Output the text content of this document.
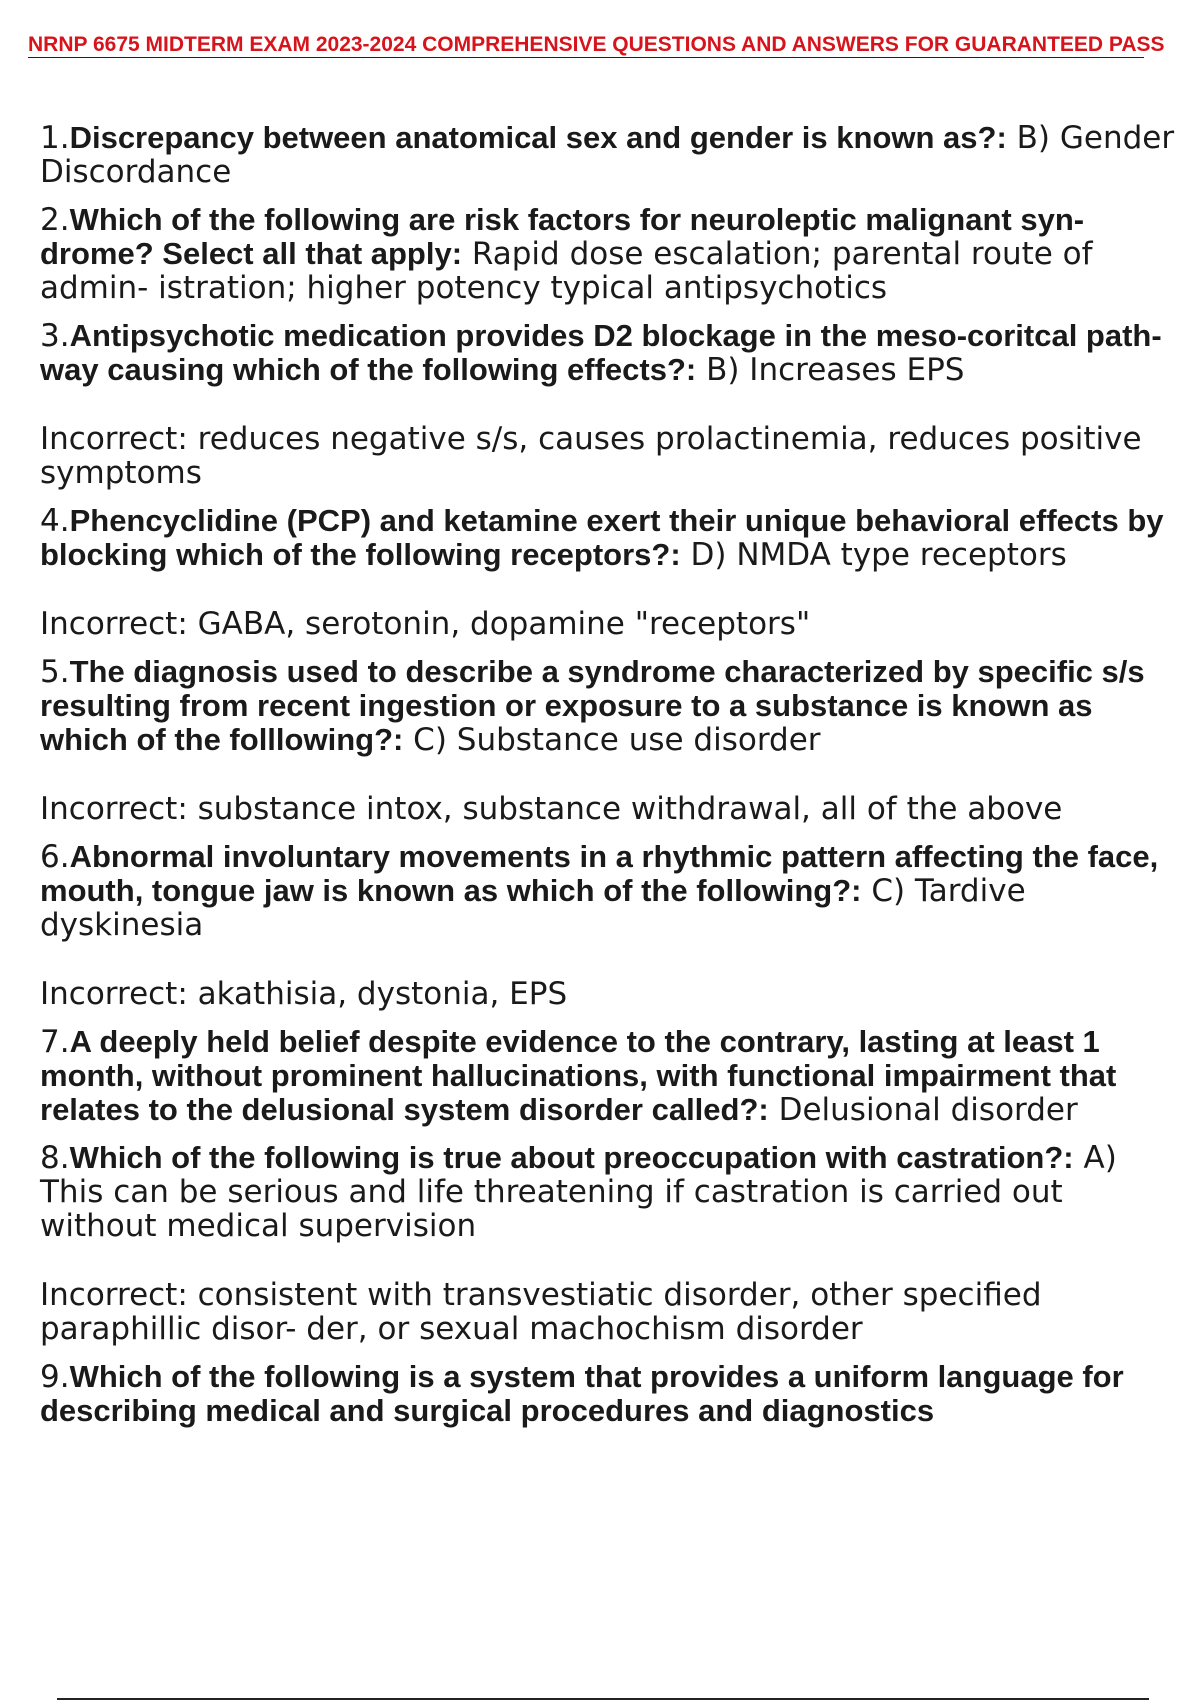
NRNP 6675 MIDTERM EXAM 2023-2024 COMPREHENSIVE QUESTIONS AND ANSWERS FOR GUARANTEED PASS
1.Discrepancy between anatomical sex and gender is known as?: B) Gender Discordance
2.Which of the following are risk factors for neuroleptic malignant syn- drome? Select all that apply: Rapid dose escalation; parental route of admin- istration; higher potency typical antipsychotics
3.Antipsychotic medication provides D2 blockage in the meso-coritcal path- way causing which of the following effects?: B) Increases EPS
Incorrect: reduces negative s/s, causes prolactinemia, reduces positive symptoms
4.Phencyclidine (PCP) and ketamine exert their unique behavioral effects by blocking which of the following receptors?: D) NMDA type receptors
Incorrect: GABA, serotonin, dopamine "receptors"
5.The diagnosis used to describe a syndrome characterized by specific s/s resulting from recent ingestion or exposure to a substance is known as which of the folllowing?: C) Substance use disorder
Incorrect: substance intox, substance withdrawal, all of the above
6.Abnormal involuntary movements in a rhythmic pattern affecting the face, mouth, tongue jaw is known as which of the following?: C) Tardive dyskinesia
Incorrect: akathisia, dystonia, EPS
7.A deeply held belief despite evidence to the contrary, lasting at least 1 month, without prominent hallucinations, with functional impairment that relates to the delusional system disorder called?: Delusional disorder
8.Which of the following is true about preoccupation with castration?: A) This can be serious and life threatening if castration is carried out without medical supervision
Incorrect: consistent with transvestiatic disorder, other specified paraphillic disor- der, or sexual machochism disorder
9.Which of the following is a system that provides a uniform language for describing medical and surgical procedures and diagnostics
